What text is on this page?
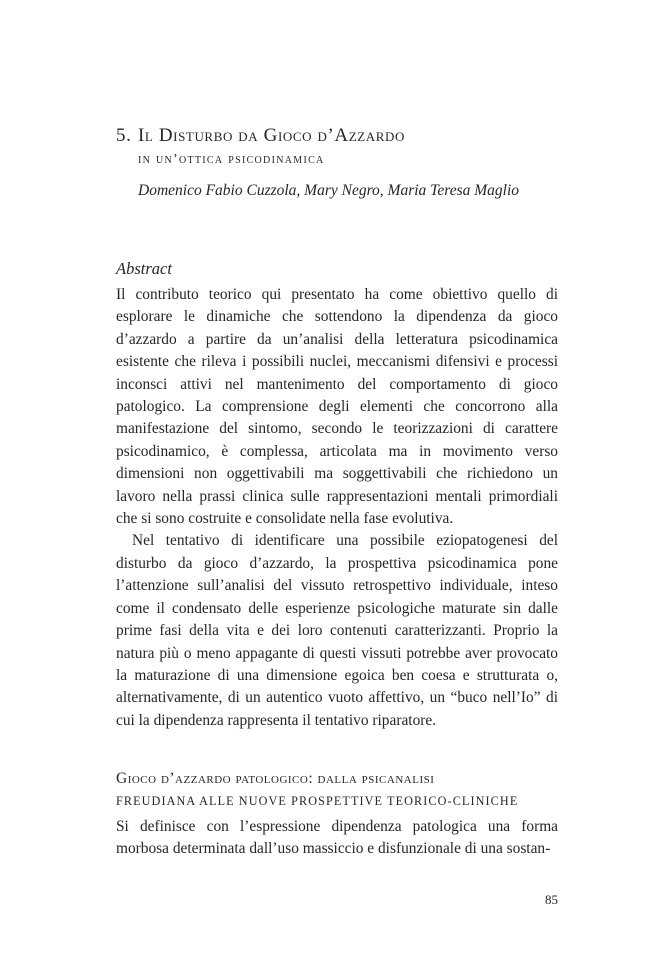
5. Il Disturbo da Gioco d’Azzardo
in un’ottica psicodinamica
Domenico Fabio Cuzzola, Mary Negro, Maria Teresa Maglio
Abstract

Il contributo teorico qui presentato ha come obiettivo quello di esplorare le dinamiche che sottendono la dipendenza da gioco d’azzardo a partire da un’analisi della letteratura psicodinamica esistente che rileva i possibili nuclei, meccanismi difensivi e processi inconsci attivi nel mantenimento del comportamento di gioco patologico. La comprensione degli elementi che concorrono alla manifestazione del sintomo, secondo le teorizzazioni di carattere psicodinamico, è complessa, articolata ma in movimento verso dimensioni non oggettivabili ma soggettivabili che richiedono un lavoro nella prassi clinica sulle rappresentazioni mentali primordiali che si sono costruite e consolidate nella fase evolutiva.

Nel tentativo di identificare una possibile eziopatogenesi del disturbo da gioco d’azzardo, la prospettiva psicodinamica pone l’attenzione sull’analisi del vissuto retrospettivo individuale, inteso come il condensato delle esperienze psicologiche maturate sin dalle prime fasi della vita e dei loro contenuti caratterizzanti. Proprio la natura più o meno appagante di questi vissuti potrebbe aver provocato la maturazione di una dimensione egoica ben coesa e strutturata o, alternativamente, di un autentico vuoto affettivo, un “buco nell’Io” di cui la dipendenza rappresenta il tentativo riparatore.

Gioco d’azzardo patologico: dalla psicanalisi
FREUDIANA ALLE NUOVE PROSPETTIVE TEORICO-CLINICHE

Si definisce con l’espressione dipendenza patologica una forma morbosa determinata dall’uso massiccio e disfunzionale di una sostan-

85
